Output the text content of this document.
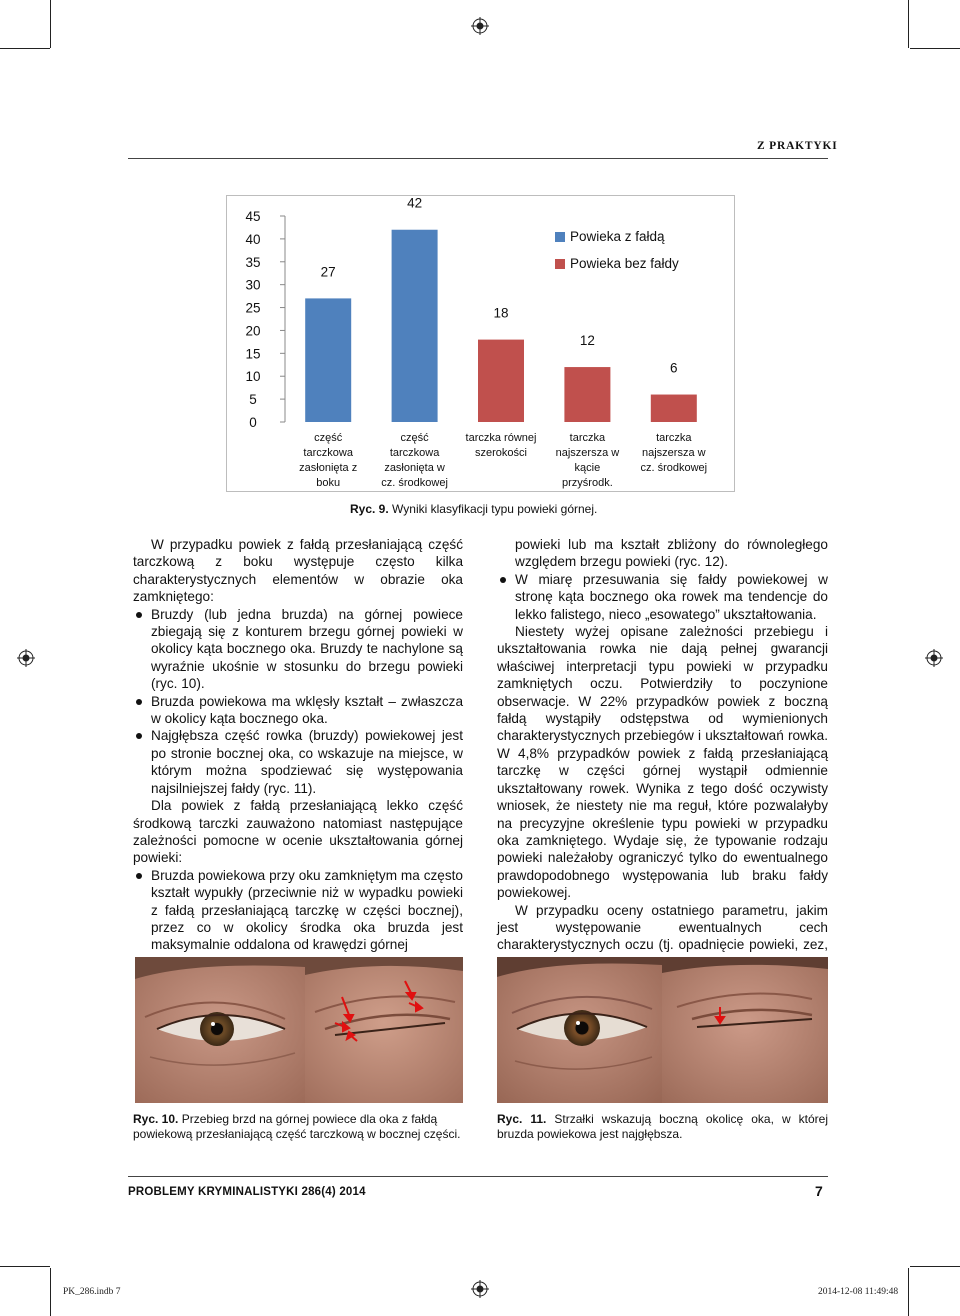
Z PRAKTYKI
0
5
10
15
20
25
30
35
40
45
27
42
18
12
6
część
tarczkowa
zasłonięta z
boku
część
tarczkowa
zasłonięta w
cz. środkowej
tarczka równej
szerokości
tarczka
najszersza w
kącie
przyśrodk.
tarczka
najszersza w
cz. środkowej
Powieka z fałdą
Powieka bez fałdy
Ryc. 9. Wyniki klasyfikacji typu powieki górnej.

W przypadku powiek z fałdą przesłaniającą część tarczkową z boku występuje często kilka charakterystycznych elementów w obrazie oka zamkniętego:

Bruzdy (lub jedna bruzda) na górnej powiece zbiegają się z konturem brzegu górnej powieki w okolicy kąta bocznego oka. Bruzdy te nachylone są wyraźnie ukośnie w stosunku do brzegu powieki (ryc. 10).

Bruzda powiekowa ma wklęsły kształt – zwłaszcza w okolicy kąta bocznego oka.

Najgłębsza część rowka (bruzdy) powiekowej jest po stronie bocznej oka, co wskazuje na miejsce, w którym można spodziewać się występowania najsilniejszej fałdy (ryc. 11).

Dla powiek z fałdą przesłaniającą lekko część środkową tarczki zauważono natomiast następujące zależności pomocne w ocenie ukształtowania górnej powieki:

Bruzda powiekowa przy oku zamkniętym ma często kształt wypukły (przeciwnie niż w wypadku powieki z fałdą przesłaniającą tarczkę w części bocznej), przez co w okolicy środka oka bruzda jest maksymalnie oddalona od krawędzi górnej

powieki lub ma kształt zbliżony do równoległego względem brzegu powieki (ryc. 12).

W miarę przesuwania się fałdy powiekowej w stronę kąta bocznego oka rowek ma tendencje do lekko falistego, nieco „esowatego” ukształtowania.

Niestety wyżej opisane zależności przebiegu i ukształtowania rowka nie dają pełnej gwarancji właściwej interpretacji typu powieki w przypadku zamkniętych oczu. Potwierdziły to poczynione obserwacje. W 22% przypadków powiek z boczną fałdą wystąpiły odstępstwa od wymienionych charakterystycznych przebiegów i ukształtowań rowka. W 4,8% przypadków powiek z fałdą przesłaniającą tarczkę w części górnej wystąpił odmiennie ukształtowany rowek. Wynika z tego dość oczywisty wniosek, że niestety nie ma reguł, które pozwalałyby na precyzyjne określenie typu powieki w przypadku oka zamkniętego. Wydaje się, że typowanie rodzaju powieki należałoby ograniczyć tylko do ewentualnego prawdopodobnego występowania lub braku fałdy powiekowej.

W przypadku oceny ostatniego parametru, jakim jest występowanie ewentualnych cech charakterystycznych oczu (tj. opadnięcie powieki, zez,

Ryc. 10. Przebieg brzd na górnej powiece dla oka z fałdą powiekową przesłaniającą część tarczkową w bocznej części.
Ryc. 11. Strzałki wskazują boczną okolicę oka, w której bruzda powiekowa jest najgłębsza.
PROBLEMY KRYMINALISTYKI 286(4) 2014	7
PK_286.indb 7	2014-12-08 11:49:48
